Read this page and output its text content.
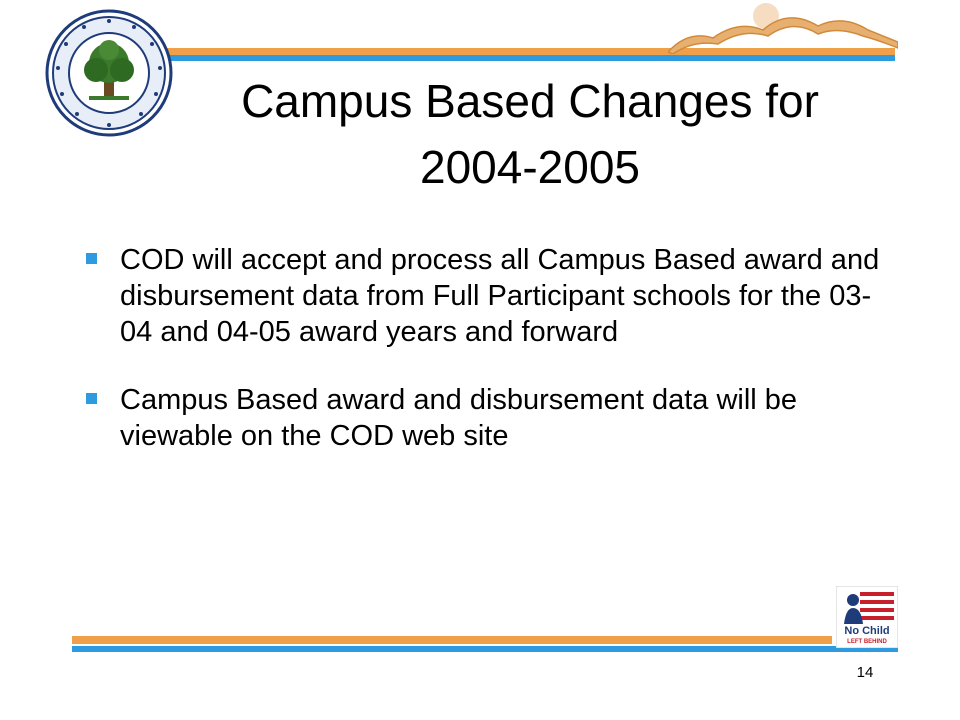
Campus Based Changes for
2004-2005
COD will accept and process all Campus Based award and disbursement data from Full Participant schools for the 03-04 and 04-05 award years and forward
Campus Based award and disbursement data will be viewable on the COD web site
No Child
LEFT BEHIND
14
